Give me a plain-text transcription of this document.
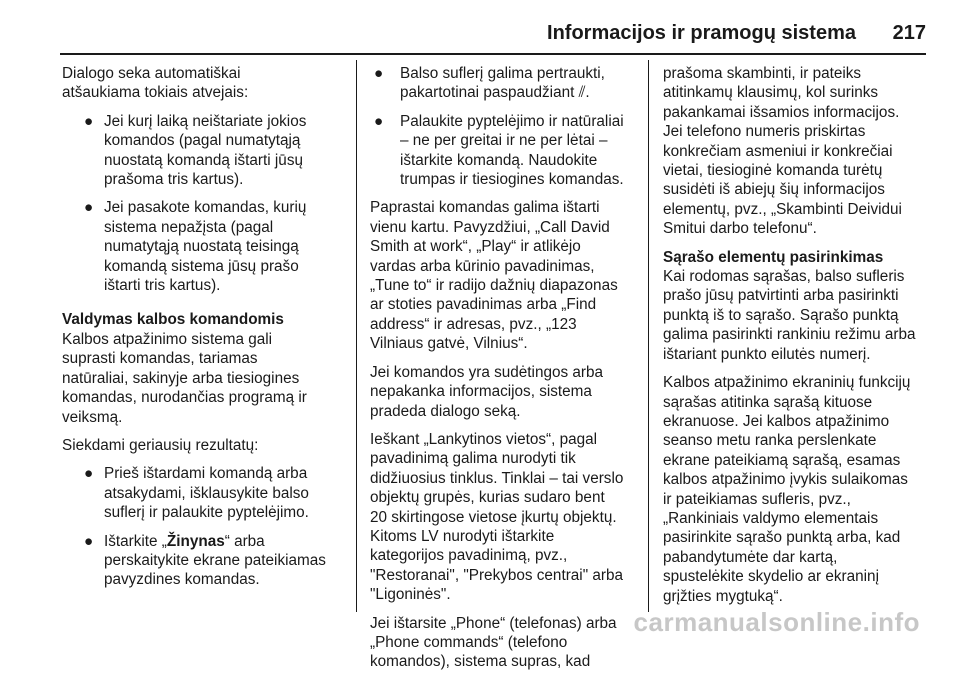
Informacijos ir pramogų sistema 217

Dialogo seka automatiškai
atšaukiama tokiais atvejais:

● Jei kurį laiką neištariate jokios
komandos (pagal numatytąją
nuostatą komandą ištarti jūsų
prašoma tris kartus).
● Jei pasakote komandas, kurių
sistema nepažįsta (pagal
numatytąją nuostatą teisingą
komandą sistema jūsų prašo
ištarti tris kartus).
Valdymas kalbos komandomis

Kalbos atpažinimo sistema gali
suprasti komandas, tariamas
natūraliai, sakinyje arba tiesiogines
komandas, nurodančias programą ir
veiksmą.

Siekdami geriausių rezultatų:

● Prieš ištardami komandą arba
atsakydami, išklausykite balso
suflerį ir palaukite pyptelėjimo.
● Ištarkite „Žinynas“ arba
perskaitykite ekrane pateikiamas
pavyzdines komandas.
● Balso suflerį galima pertraukti,
pakartotinai paspaudžiant ⫽.
● Palaukite pyptelėjimo ir natūraliai
– ne per greitai ir ne per lėtai –
ištarkite komandą. Naudokite
trumpas ir tiesiogines komandas.

Paprastai komandas galima ištarti
vienu kartu. Pavyzdžiui, „Call David
Smith at work“, „Play“ ir atlikėjo
vardas arba kūrinio pavadinimas,
„Tune to“ ir radijo dažnių diapazonas
ar stoties pavadinimas arba „Find
address“ ir adresas, pvz., „123
Vilniaus gatvė, Vilnius“.

Jei komandos yra sudėtingos arba
nepakanka informacijos, sistema
pradeda dialogo seką.

Ieškant „Lankytinos vietos“, pagal
pavadinimą galima nurodyti tik
didžiuosius tinklus. Tinklai – tai verslo
objektų grupės, kurias sudaro bent
20 skirtingose vietose įkurtų objektų.
Kitoms LV nurodyti ištarkite
kategorijos pavadinimą, pvz.,
"Restoranai", "Prekybos centrai" arba
"Ligoninės".

Jei ištarsite „Phone“ (telefonas) arba
„Phone commands“ (telefono
komandos), sistema supras, kad

prašoma skambinti, ir pateiks
atitinkamų klausimų, kol surinks
pakankamai išsamios informacijos.
Jei telefono numeris priskirtas
konkrečiam asmeniui ir konkrečiai
vietai, tiesioginė komanda turėtų
susidėti iš abiejų šių informacijos
elementų, pvz., „Skambinti Deividui
Smitui darbo telefonu“.

Sąrašo elementų pasirinkimas

Kai rodomas sąrašas, balso sufleris
prašo jūsų patvirtinti arba pasirinkti
punktą iš to sąrašo. Sąrašo punktą
galima pasirinkti rankiniu režimu arba
ištariant punkto eilutės numerį.

Kalbos atpažinimo ekraninių funkcijų
sąrašas atitinka sąrašą kituose
ekranuose. Jei kalbos atpažinimo
seanso metu ranka perslenkate
ekrane pateikiamą sąrašą, esamas
kalbos atpažinimo įvykis sulaikomas
ir pateikiamas sufleris, pvz.,
„Rankiniais valdymo elementais
pasirinkite sąrašo punktą arba, kad
pabandytumėte dar kartą,
spustelėkite skydelio ar ekraninį
grįžties mygtuką“.

carmanualsonline.info
